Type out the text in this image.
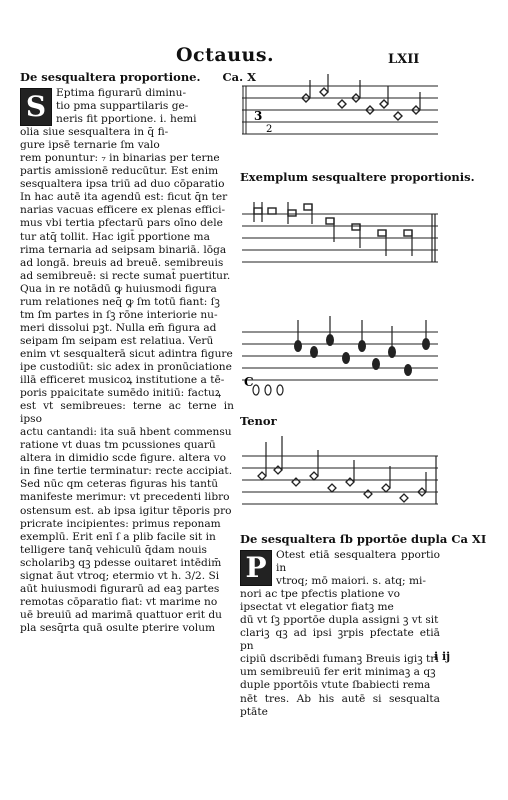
Octauus.	LXII
De sesqualtera proportione. Ca. X
S Eptima figurarū diminu-

tio pma suppartilaris ge-

neris fit pportione. i. hemi

olia siue sesqualtera in q̄ fi-

gure ipsē ternarie ſm valo

rem ponuntur: ₇ in binarias per terne

partis amissionē reducūtur. Est enim

sesqualtera ipsa triū ad duo cōparatio

In hac autē ita agendū est: ficut q̄n ter

narias vacuas efficere ex plenas effici-

mus vbi tertia pfectarū pars oīno dele

tur atq̄ tollit. Hac igit̄ pportione ma

rima ternaria ad seipsam binariā. lōga

ad longā. breuis ad breuē. semibreuis

ad semibreuē: si recte sumat̄ puertitur.

Qua in re notādū ꝙ huiusmodi figura

rum relationes neq̄ ꝙ ſm totū fiant: ſꝫ

tm ſm partes in ſꝫ rōne interiorie nu-

meri dissolui pꝫt. Nulla em̄ figura ad

seipam ſm seipam est relatiua. Verū

enim vt sesqualterā sicut adintra figure

ipe custodiūt: sic adex in pronūciatione

illā efficeret musicoꝝ institutione a tē-

poris ppaicitate sumēdo initiū: factuꝝ

est vt semibreues: terne ac terne in ipso

actu cantandi: ita suā hbent commensu

ratione vt duas tm pcussiones quarū

altera in dimidio scde figure. altera vo

in fine tertie terminatur: recte accipiat.

Sed nūc qm ceteras figuras his tantū

manifeste merimur: vt precedenti libro

ostensum est. ab ipsa igitur tēporis pro

pricrate incipientes: primus reponam

exemplū. Erit enī ſ a plib facile sit in

telligere tanq̄ vehiculū q̄dam nouis

scholaribꝫ qꝫ pdesse ouitaret intēdim̄

signat āut vtroq; etermio vt h. 3/2. Si

aūt huiusmodi figurarū ad eaꝫ partes

remotas cōparatio fiat: vt marime no

uē breuiū ad marimā quattuor erit du

pla sesq̄rta quā osulte pterire volum

3
2
Exemplum sesqualtere proportionis.
C
Tenor
De sesqualtera ſb pportōe dupla Ca XI
P Otest etiā sesqualtera pportio in

vtroq; mō maiori. s. atq; mi-

nori ac tpe pfectis platione vo

ipsectat vt elegatior fiatꝫ me

dū vt ſꝫ pportōe dupla assigni ꝫ vt sit

clariꝫ qꝫ ad ipsi ꝫrpis pfectate etiā pn

cipiū dscribēdi fumanꝫ Breuis igiꝫ tri

um semibreuiū fer erit minimaꝫ a qꝫ

duple pportōis vtute ſbabiecti rema

nēt tres. Ab his autē si sesqualta ptāte

i ij
